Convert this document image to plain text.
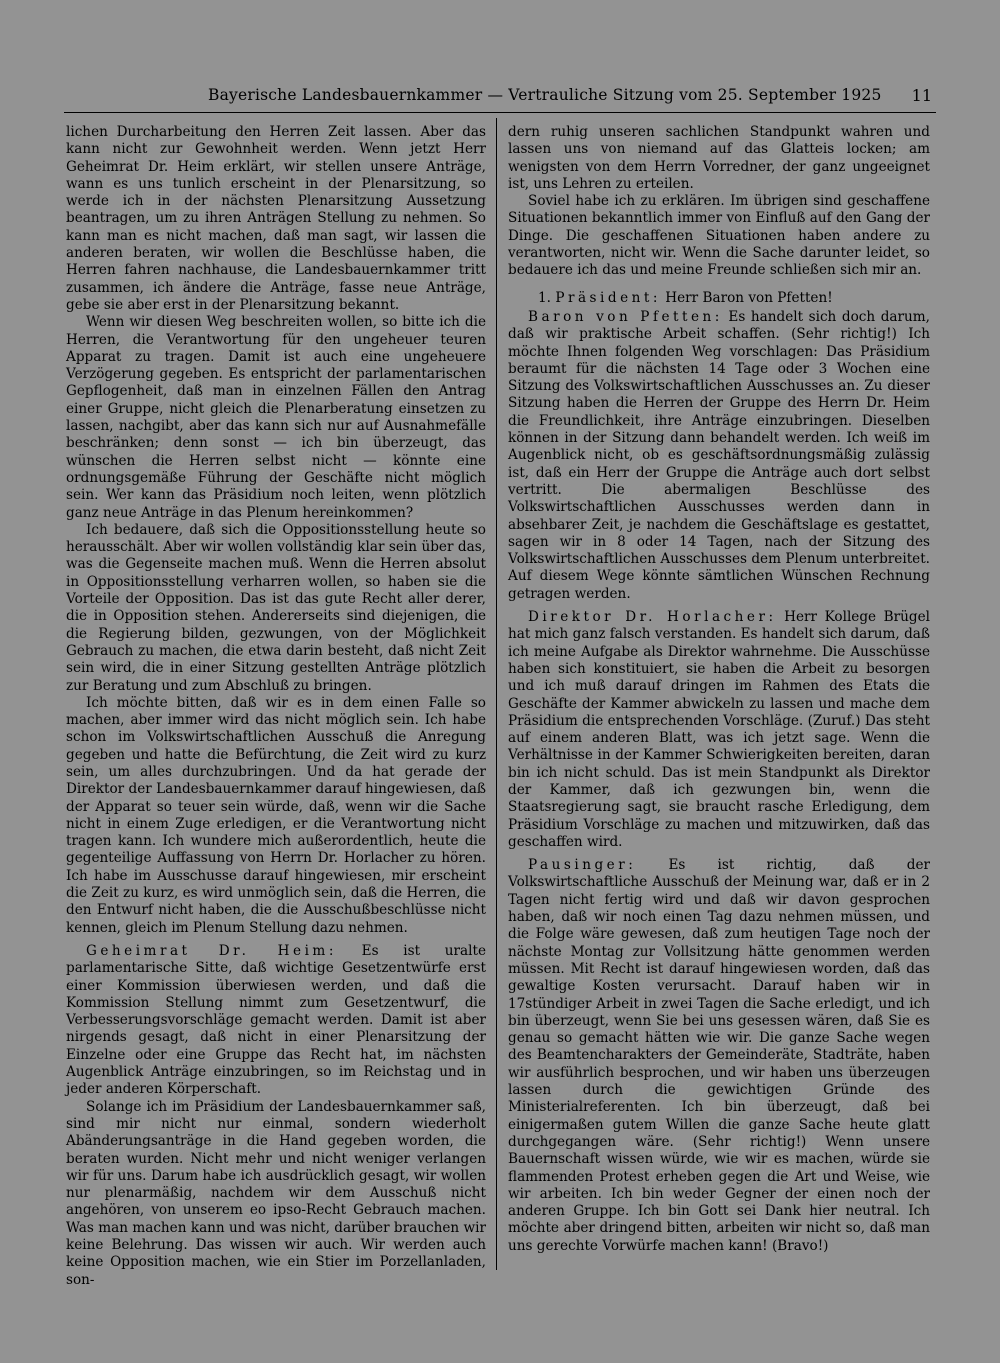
Bayerische Landesbauernkammer — Vertrauliche Sitzung vom 25. September 1925 11

lichen Durcharbeitung den Herren Zeit lassen. Aber das kann nicht zur Gewohnheit werden. Wenn jetzt Herr Geheimrat Dr. Heim erklärt, wir stellen unsere Anträge, wann es uns tunlich erscheint in der Plenarsitzung, so werde ich in der nächsten Plenarsitzung Aussetzung beantragen, um zu ihren Anträgen Stellung zu nehmen. So kann man es nicht machen, daß man sagt, wir lassen die anderen beraten, wir wollen die Beschlüsse haben, die Herren fahren nachhause, die Landesbauernkammer tritt zusammen, ich ändere die Anträge, fasse neue Anträge, gebe sie aber erst in der Plenarsitzung bekannt.

Wenn wir diesen Weg beschreiten wollen, so bitte ich die Herren, die Verantwortung für den ungeheuer teuren Apparat zu tragen. Damit ist auch eine ungeheuere Verzögerung gegeben. Es entspricht der parlamentarischen Gepflogenheit, daß man in einzelnen Fällen den Antrag einer Gruppe, nicht gleich die Plenarberatung einsetzen zu lassen, nachgibt, aber das kann sich nur auf Ausnahmefälle beschränken; denn sonst — ich bin überzeugt, das wünschen die Herren selbst nicht — könnte eine ordnungsgemäße Führung der Geschäfte nicht möglich sein. Wer kann das Präsidium noch leiten, wenn plötzlich ganz neue Anträge in das Plenum hereinkommen?

Ich bedauere, daß sich die Oppositionsstellung heute so herausschält. Aber wir wollen vollständig klar sein über das, was die Gegenseite machen muß. Wenn die Herren absolut in Oppositionsstellung verharren wollen, so haben sie die Vorteile der Opposition. Das ist das gute Recht aller derer, die in Opposition stehen. Andererseits sind diejenigen, die die Regierung bilden, gezwungen, von der Möglichkeit Gebrauch zu machen, die etwa darin besteht, daß nicht Zeit sein wird, die in einer Sitzung gestellten Anträge plötzlich zur Beratung und zum Abschluß zu bringen.

Ich möchte bitten, daß wir es in dem einen Falle so machen, aber immer wird das nicht möglich sein. Ich habe schon im Volkswirtschaftlichen Ausschuß die Anregung gegeben und hatte die Befürchtung, die Zeit wird zu kurz sein, um alles durchzubringen. Und da hat gerade der Direktor der Landesbauernkammer darauf hingewiesen, daß der Apparat so teuer sein würde, daß, wenn wir die Sache nicht in einem Zuge erledigen, er die Verantwortung nicht tragen kann. Ich wundere mich außerordentlich, heute die gegenteilige Auffassung von Herrn Dr. Horlacher zu hören. Ich habe im Ausschusse darauf hingewiesen, mir erscheint die Zeit zu kurz, es wird unmöglich sein, daß die Herren, die den Entwurf nicht haben, die die Ausschußbeschlüsse nicht kennen, gleich im Plenum Stellung dazu nehmen.

Geheimrat Dr. Heim: Es ist uralte parlamentarische Sitte, daß wichtige Gesetzentwürfe erst einer Kommission überwiesen werden, und daß die Kommission Stellung nimmt zum Gesetzentwurf, die Verbesserungsvorschläge gemacht werden. Damit ist aber nirgends gesagt, daß nicht in einer Plenarsitzung der Einzelne oder eine Gruppe das Recht hat, im nächsten Augenblick Anträge einzubringen, so im Reichstag und in jeder anderen Körperschaft.

Solange ich im Präsidium der Landesbauernkammer saß, sind mir nicht nur einmal, sondern wiederholt Abänderungsanträge in die Hand gegeben worden, die beraten wurden. Nicht mehr und nicht weniger verlangen wir für uns. Darum habe ich ausdrücklich gesagt, wir wollen nur plenarmäßig, nachdem wir dem Ausschuß nicht angehören, von unserem eo ipso-Recht Gebrauch machen. Was man machen kann und was nicht, darüber brauchen wir keine Belehrung. Das wissen wir auch. Wir werden auch keine Opposition machen, wie ein Stier im Porzellanladen, son-

dern ruhig unseren sachlichen Standpunkt wahren und lassen uns von niemand auf das Glatteis locken; am wenigsten von dem Herrn Vorredner, der ganz ungeeignet ist, uns Lehren zu erteilen.

Soviel habe ich zu erklären. Im übrigen sind geschaffene Situationen bekanntlich immer von Einfluß auf den Gang der Dinge. Die geschaffenen Situationen haben andere zu verantworten, nicht wir. Wenn die Sache darunter leidet, so bedauere ich das und meine Freunde schließen sich mir an.

1. Präsident: Herr Baron von Pfetten!

Baron von Pfetten: Es handelt sich doch darum, daß wir praktische Arbeit schaffen. (Sehr richtig!) Ich möchte Ihnen folgenden Weg vorschlagen: Das Präsidium beraumt für die nächsten 14 Tage oder 3 Wochen eine Sitzung des Volkswirtschaftlichen Ausschusses an. Zu dieser Sitzung haben die Herren der Gruppe des Herrn Dr. Heim die Freundlichkeit, ihre Anträge einzubringen. Dieselben können in der Sitzung dann behandelt werden. Ich weiß im Augenblick nicht, ob es geschäftsordnungsmäßig zulässig ist, daß ein Herr der Gruppe die Anträge auch dort selbst vertritt. Die abermaligen Beschlüsse des Volkswirtschaftlichen Ausschusses werden dann in absehbarer Zeit, je nachdem die Geschäftslage es gestattet, sagen wir in 8 oder 14 Tagen, nach der Sitzung des Volkswirtschaftlichen Ausschusses dem Plenum unterbreitet. Auf diesem Wege könnte sämtlichen Wünschen Rechnung getragen werden.

Direktor Dr. Horlacher: Herr Kollege Brügel hat mich ganz falsch verstanden. Es handelt sich darum, daß ich meine Aufgabe als Direktor wahrnehme. Die Ausschüsse haben sich konstituiert, sie haben die Arbeit zu besorgen und ich muß darauf dringen im Rahmen des Etats die Geschäfte der Kammer abwickeln zu lassen und mache dem Präsidium die entsprechenden Vorschläge. (Zuruf.) Das steht auf einem anderen Blatt, was ich jetzt sage. Wenn die Verhältnisse in der Kammer Schwierigkeiten bereiten, daran bin ich nicht schuld. Das ist mein Standpunkt als Direktor der Kammer, daß ich gezwungen bin, wenn die Staatsregierung sagt, sie braucht rasche Erledigung, dem Präsidium Vorschläge zu machen und mitzuwirken, daß das geschaffen wird.

Pausinger: Es ist richtig, daß der Volkswirtschaftliche Ausschuß der Meinung war, daß er in 2 Tagen nicht fertig wird und daß wir davon gesprochen haben, daß wir noch einen Tag dazu nehmen müssen, und die Folge wäre gewesen, daß zum heutigen Tage noch der nächste Montag zur Vollsitzung hätte genommen werden müssen. Mit Recht ist darauf hingewiesen worden, daß das gewaltige Kosten verursacht. Darauf haben wir in 17stündiger Arbeit in zwei Tagen die Sache erledigt, und ich bin überzeugt, wenn Sie bei uns gesessen wären, daß Sie es genau so gemacht hätten wie wir. Die ganze Sache wegen des Beamtencharakters der Gemeinderäte, Stadträte, haben wir ausführlich besprochen, und wir haben uns überzeugen lassen durch die gewichtigen Gründe des Ministerialreferenten. Ich bin überzeugt, daß bei einigermaßen gutem Willen die ganze Sache heute glatt durchgegangen wäre. (Sehr richtig!) Wenn unsere Bauernschaft wissen würde, wie wir es machen, würde sie flammenden Protest erheben gegen die Art und Weise, wie wir arbeiten. Ich bin weder Gegner der einen noch der anderen Gruppe. Ich bin Gott sei Dank hier neutral. Ich möchte aber dringend bitten, arbeiten wir nicht so, daß man uns gerechte Vorwürfe machen kann! (Bravo!)
